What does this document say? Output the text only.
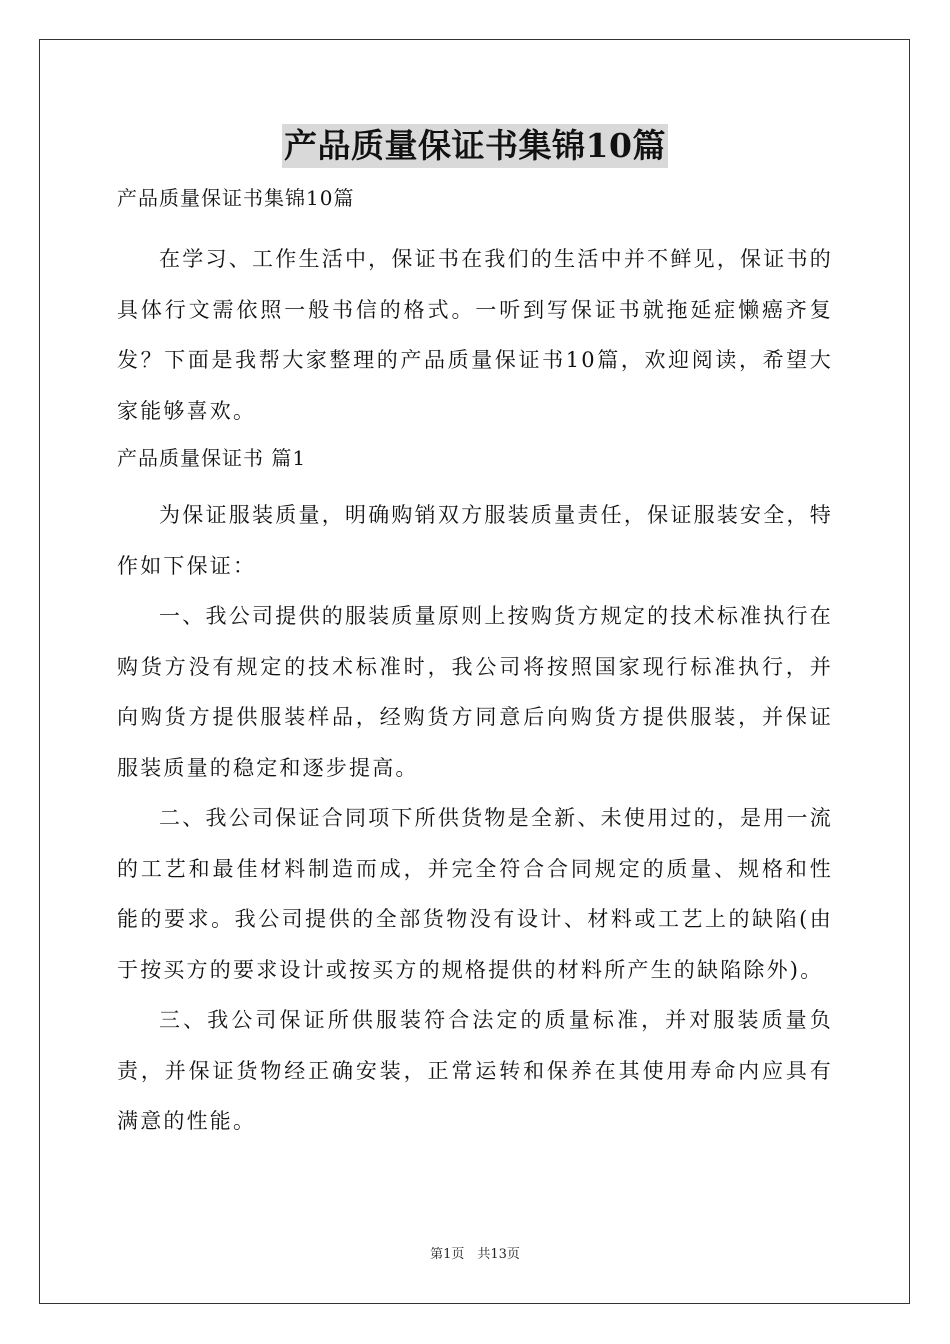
产品质量保证书集锦10篇
产品质量保证书集锦10篇

在学习、工作生活中，保证书在我们的生活中并不鲜见，保证书的具体行文需依照一般书信的格式。一听到写保证书就拖延症懒癌齐复发？下面是我帮大家整理的产品质量保证书10篇，欢迎阅读，希望大家能够喜欢。

产品质量保证书 篇1

为保证服装质量，明确购销双方服装质量责任，保证服装安全，特作如下保证：

一、我公司提供的服装质量原则上按购货方规定的技术标准执行在购货方没有规定的技术标准时，我公司将按照国家现行标准执行，并向购货方提供服装样品，经购货方同意后向购货方提供服装，并保证服装质量的稳定和逐步提高。

二、我公司保证合同项下所供货物是全新、未使用过的，是用一流的工艺和最佳材料制造而成，并完全符合合同规定的质量、规格和性能的要求。我公司提供的全部货物没有设计、材料或工艺上的缺陷(由于按买方的要求设计或按买方的规格提供的材料所产生的缺陷除外)。

三、我公司保证所供服装符合法定的质量标准，并对服装质量负责，并保证货物经正确安装，正常运转和保养在其使用寿命内应具有满意的性能。

第1页　共13页
